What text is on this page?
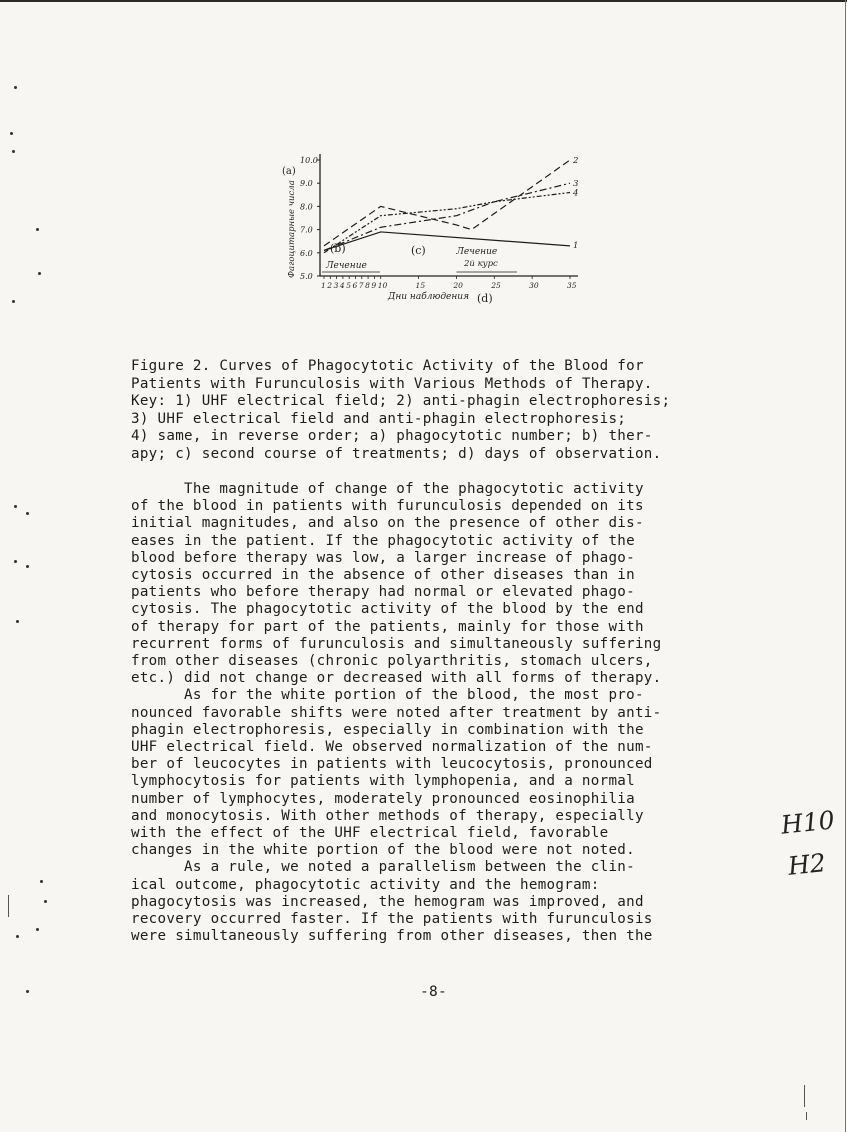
5.0
6.0
7.0
8.0
9.0
10.0
1 2 3 4 5 6 7 8 9 10	15	20	25	30	35
(a)
Фагоцитарные числа
Дни наблюдения (d)
(b)
Лечение
(c)	Лечение
2й курс
1
2
3
4
Figure 2. Curves of Phagocytotic Activity of the Blood for
Patients with Furunculosis with Various Methods of Therapy.
Key: 1) UHF electrical field; 2) anti-phagin electrophoresis;
3) UHF electrical field and anti-phagin electrophoresis;
4) same, in reverse order; a) phagocytotic number; b) ther-
apy; c) second course of treatments; d) days of observation.
The magnitude of change of the phagocytotic activity
of the blood in patients with furunculosis depended on its
initial magnitudes, and also on the presence of other dis-
eases in the patient. If the phagocytotic activity of the
blood before therapy was low, a larger increase of phago-
cytosis occurred in the absence of other diseases than in
patients who before therapy had normal or elevated phago-
cytosis. The phagocytotic activity of the blood by the end
of therapy for part of the patients, mainly for those with
recurrent forms of furunculosis and simultaneously suffering
from other diseases (chronic polyarthritis, stomach ulcers,
etc.) did not change or decreased with all forms of therapy.
As for the white portion of the blood, the most pro-
nounced favorable shifts were noted after treatment by anti-
phagin electrophoresis, especially in combination with the
UHF electrical field. We observed normalization of the num-
ber of leucocytes in patients with leucocytosis, pronounced
lymphocytosis for patients with lymphopenia, and a normal
number of lymphocytes, moderately pronounced eosinophilia
and monocytosis. With other methods of therapy, especially
with the effect of the UHF electrical field, favorable
changes in the white portion of the blood were not noted.
As a rule, we noted a parallelism between the clin-
ical outcome, phagocytotic activity and the hemogram:
phagocytosis was increased, the hemogram was improved, and
recovery occurred faster. If the patients with furunculosis
were simultaneously suffering from other diseases, then the
-8-
H10
H2
